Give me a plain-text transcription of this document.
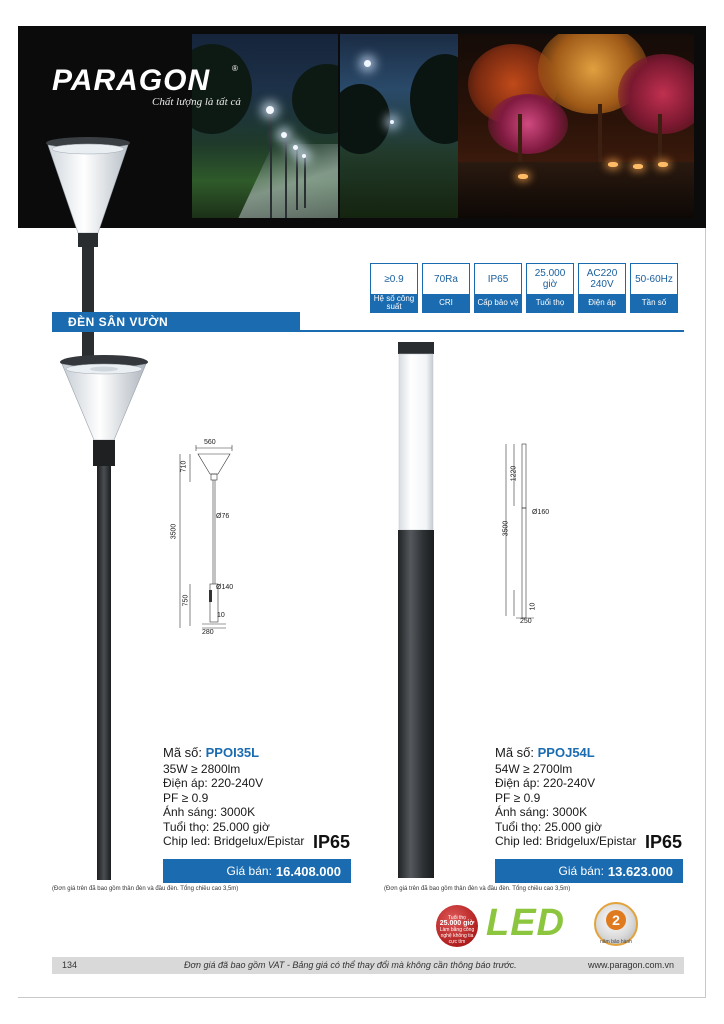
PARAGON	®
Chất lượng là tất cả
≥0.9
Hệ số công suất
70Ra
CRI
IP65
Cấp bảo vệ
25.000 giờ
Tuổi thọ
AC220 240V
Điện áp
50-60Hz
Tần số
ĐÈN SÂN VƯỜN
560
710
3500
Ø76
Ø140
750
10
280
Mã số: PPOI35L
35W ≥ 2800lm
Điện áp: 220-240V
PF ≥ 0.9
Ánh sáng: 3000K
Tuổi thọ: 25.000 giờ
Chip led: Bridgelux/Epistar IP65
Giá bán: 16.408.000
(Đơn giá trên đã bao gồm thân đèn và đầu đèn. Tổng chiều cao 3,5m)
1220
3500
Ø160
10
250
Mã số: PPOJ54L
54W ≥ 2700lm
Điện áp: 220-240V
PF ≥ 0.9
Ánh sáng: 3000K
Tuổi thọ: 25.000 giờ
Chip led: Bridgelux/Epistar IP65
Giá bán: 13.623.000
(Đơn giá trên đã bao gồm thân đèn và đầu đèn. Tổng chiều cao 3,5m)
Tuổi thọ
25.000 giờ
Làm bằng công nghệ không tia cực tím LED	2
năm bảo hành
134	Đơn giá đã bao gồm VAT - Bảng giá có thể thay đổi mà không cần thông báo trước.	www.paragon.com.vn
